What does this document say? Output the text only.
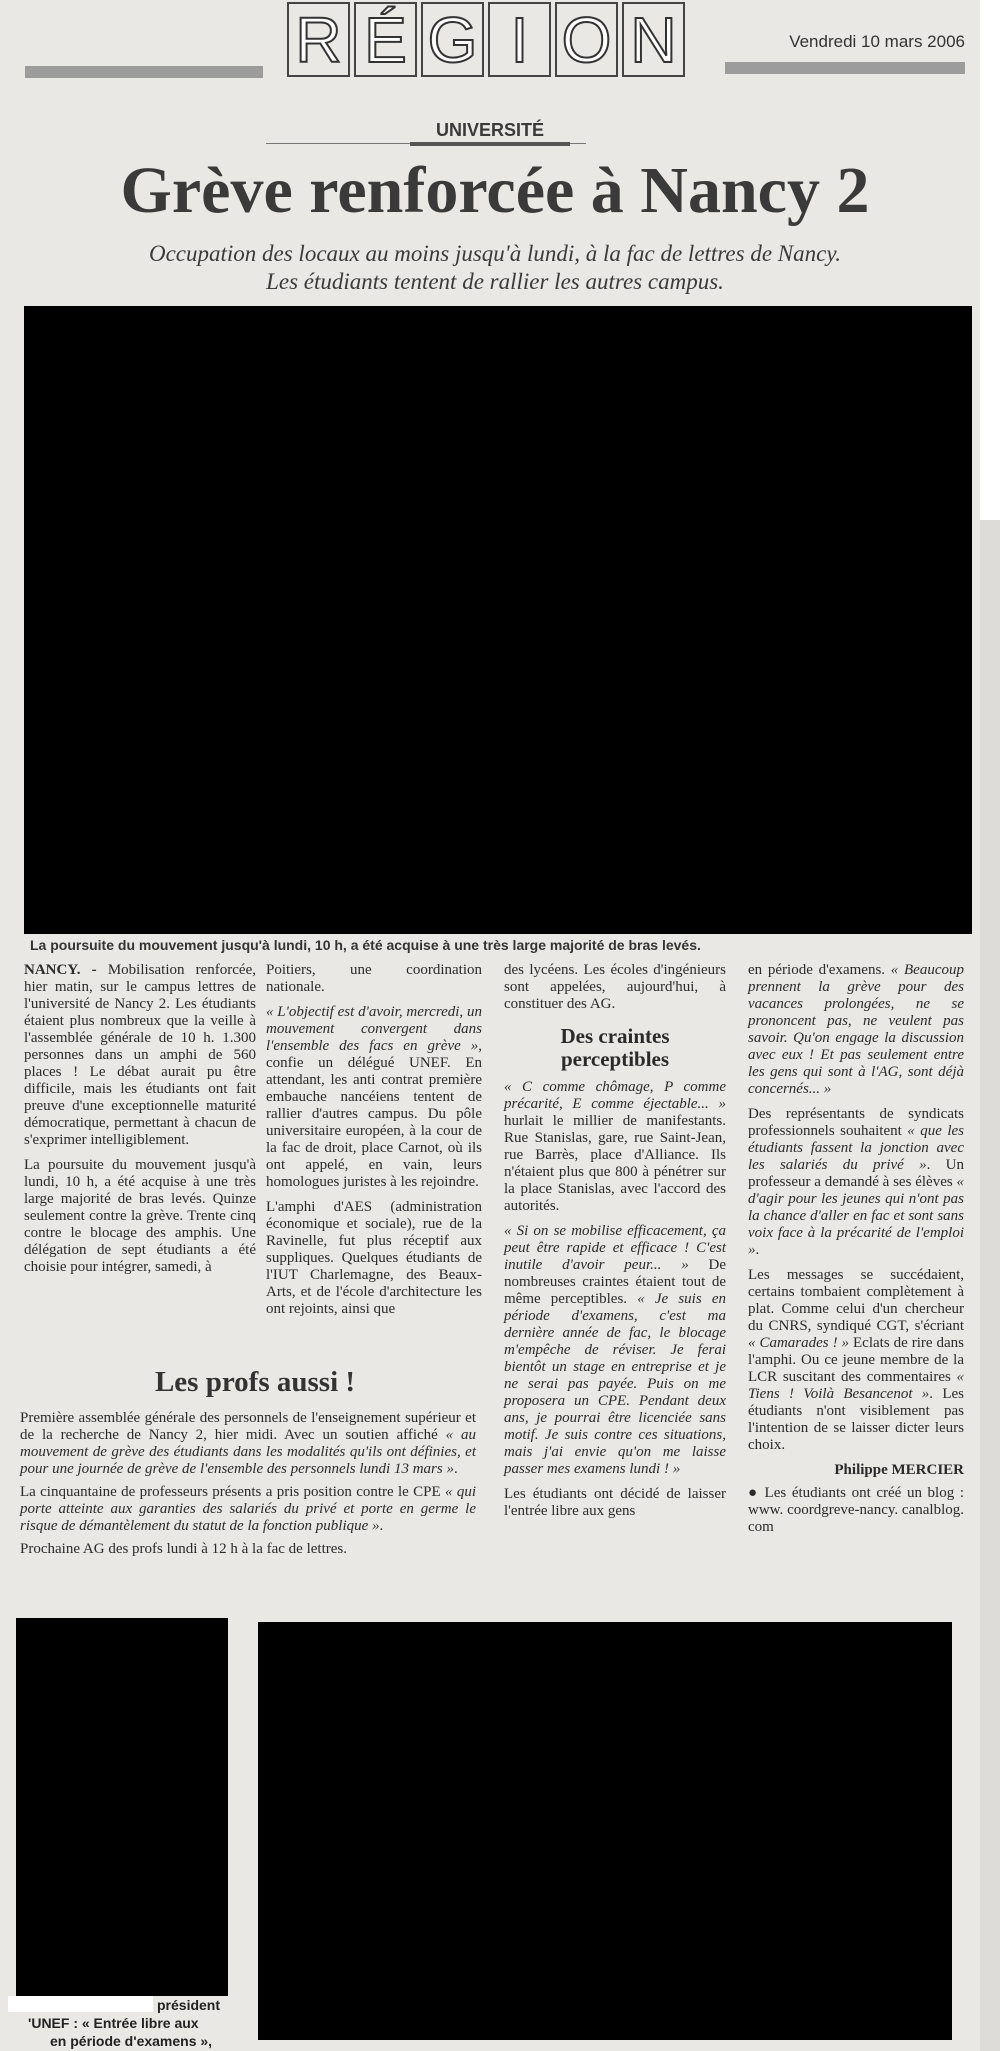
R É G I O N	Vendredi 10 mars 2006
UNIVERSITÉ
Grève renforcée à Nancy 2

Occupation des locaux au moins jusqu'à lundi, à la fac de lettres de Nancy.
Les étudiants tentent de rallier les autres campus.

La poursuite du mouvement jusqu'à lundi, 10 h, a été acquise à une très large majorité de bras levés.

NANCY. - Mobilisation renforcée, hier matin, sur le campus lettres de l'université de Nancy 2. Les étudiants étaient plus nombreux que la veille à l'assemblée générale de 10 h. 1.300 personnes dans un amphi de 560 places ! Le débat aurait pu être difficile, mais les étudiants ont fait preuve d'une exceptionnelle maturité démocratique, permettant à chacun de s'exprimer intelligiblement.

La poursuite du mouvement jusqu'à lundi, 10 h, a été acquise à une très large majorité de bras levés. Quinze seulement contre la grève. Trente cinq contre le blocage des amphis. Une délégation de sept étudiants a été choisie pour intégrer, samedi, à

Poitiers, une coordination nationale.

« L'objectif est d'avoir, mercredi, un mouvement convergent dans l'ensemble des facs en grève », confie un délégué UNEF. En attendant, les anti contrat première embauche nancéiens tentent de rallier d'autres campus. Du pôle universitaire européen, à la cour de la fac de droit, place Carnot, où ils ont appelé, en vain, leurs homologues juristes à les rejoindre.

L'amphi d'AES (administration économique et sociale), rue de la Ravinelle, fut plus réceptif aux suppliques. Quelques étudiants de l'IUT Charlemagne, des Beaux-Arts, et de l'école d'architecture les ont rejoints, ainsi que

des lycéens. Les écoles d'ingénieurs sont appelées, aujourd'hui, à constituer des AG.

Des craintes perceptibles

« C comme chômage, P comme précarité, E comme éjectable... » hurlait le millier de manifestants. Rue Stanislas, gare, rue Saint-Jean, rue Barrès, place d'Alliance. Ils n'étaient plus que 800 à pénétrer sur la place Stanislas, avec l'accord des autorités.

« Si on se mobilise efficacement, ça peut être rapide et efficace ! C'est inutile d'avoir peur... » De nombreuses craintes étaient tout de même perceptibles. « Je suis en période d'examens, c'est ma dernière année de fac, le blocage m'empêche de réviser. Je ferai bientôt un stage en entreprise et je ne serai pas payée. Puis on me proposera un CPE. Pendant deux ans, je pourrai être licenciée sans motif. Je suis contre ces situations, mais j'ai envie qu'on me laisse passer mes examens lundi ! »

Les étudiants ont décidé de laisser l'entrée libre aux gens

en période d'examens. « Beaucoup prennent la grève pour des vacances prolongées, ne se prononcent pas, ne veulent pas savoir. Qu'on engage la discussion avec eux ! Et pas seulement entre les gens qui sont à l'AG, sont déjà concernés... »

Des représentants de syndicats professionnels souhaitent « que les étudiants fassent la jonction avec les salariés du privé ». Un professeur a demandé à ses élèves « d'agir pour les jeunes qui n'ont pas la chance d'aller en fac et sont sans voix face à la précarité de l'emploi ».

Les messages se succédaient, certains tombaient complètement à plat. Comme celui d'un chercheur du CNRS, syndiqué CGT, s'écriant « Camarades ! » Eclats de rire dans l'amphi. Ou ce jeune membre de la LCR suscitant des commentaires « Tiens ! Voilà Besancenot ». Les étudiants n'ont visiblement pas l'intention de se laisser dicter leurs choix.

Philippe MERCIER

● Les étudiants ont créé un blog : www. coordgreve-nancy. canalblog. com

Les profs aussi !

Première assemblée générale des personnels de l'enseignement supérieur et de la recherche de Nancy 2, hier midi. Avec un soutien affiché « au mouvement de grève des étudiants dans les modalités qu'ils ont définies, et pour une journée de grève de l'ensemble des personnels lundi 13 mars ».

La cinquantaine de professeurs présents a pris position contre le CPE « qui porte atteinte aux garanties des salariés du privé et porte en germe le risque de démantèlement du statut de la fonction publique ».

Prochaine AG des profs lundi à 12 h à la fac de lettres.

président
'UNEF : « Entrée libre aux
en période d'examens »,
